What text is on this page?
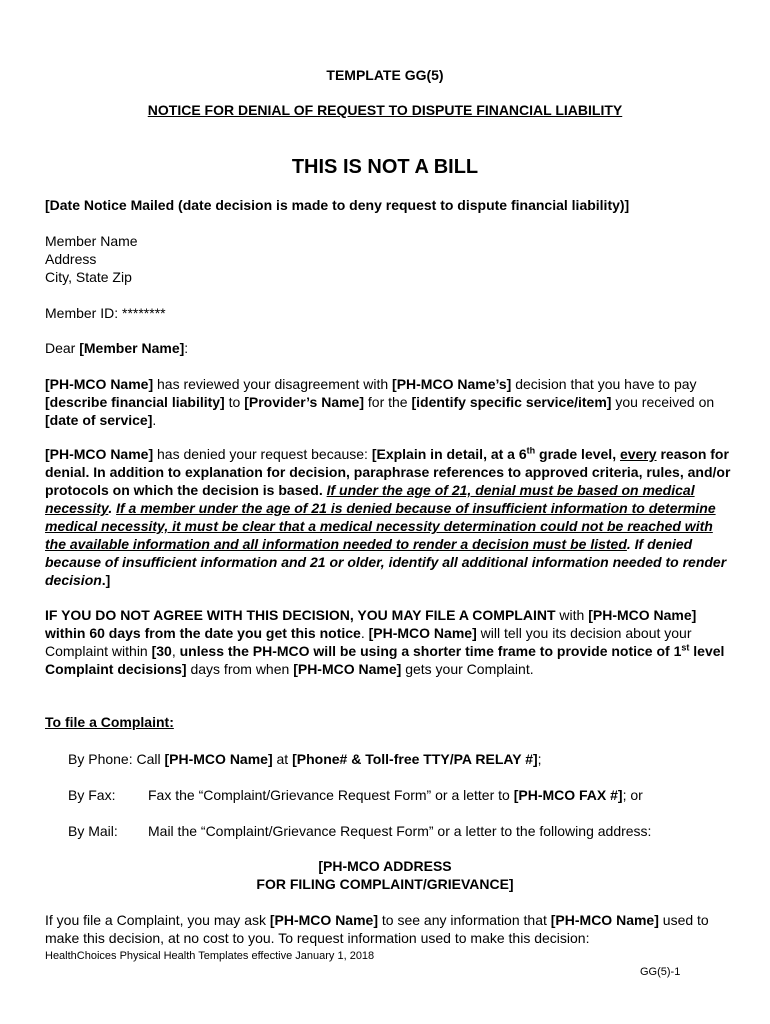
TEMPLATE GG(5)
NOTICE FOR DENIAL OF REQUEST TO DISPUTE FINANCIAL LIABILITY
THIS IS NOT A BILL
[Date Notice Mailed (date decision is made to deny request to dispute financial liability)]
Member Name
Address
City, State Zip
Member ID: ********
Dear [Member Name]:
[PH-MCO Name] has reviewed your disagreement with [PH-MCO Name’s] decision that you have to pay [describe financial liability] to [Provider’s Name] for the [identify specific service/item] you received on [date of service].
[PH-MCO Name] has denied your request because: [Explain in detail, at a 6th grade level, every reason for denial. In addition to explanation for decision, paraphrase references to approved criteria, rules, and/or protocols on which the decision is based. If under the age of 21, denial must be based on medical necessity. If a member under the age of 21 is denied because of insufficient information to determine medical necessity, it must be clear that a medical necessity determination could not be reached with the available information and all information needed to render a decision must be listed. If denied because of insufficient information and 21 or older, identify all additional information needed to render decision.]
IF YOU DO NOT AGREE WITH THIS DECISION, YOU MAY FILE A COMPLAINT with [PH-MCO Name] within 60 days from the date you get this notice. [PH-MCO Name] will tell you its decision about your Complaint within [30, unless the PH-MCO will be using a shorter time frame to provide notice of 1st level Complaint decisions] days from when [PH-MCO Name] gets your Complaint.
To file a Complaint:
By Phone: Call [PH-MCO Name] at [Phone# & Toll-free TTY/PA RELAY #];
By Fax: Fax the “Complaint/Grievance Request Form” or a letter to [PH-MCO FAX #]; or
By Mail: Mail the “Complaint/Grievance Request Form” or a letter to the following address:
[PH-MCO ADDRESS
FOR FILING COMPLAINT/GRIEVANCE]
If you file a Complaint, you may ask [PH-MCO Name] to see any information that [PH-MCO Name] used to make this decision, at no cost to you. To request information used to make this decision:
HealthChoices Physical Health Templates effective January 1, 2018
GG(5)-1
